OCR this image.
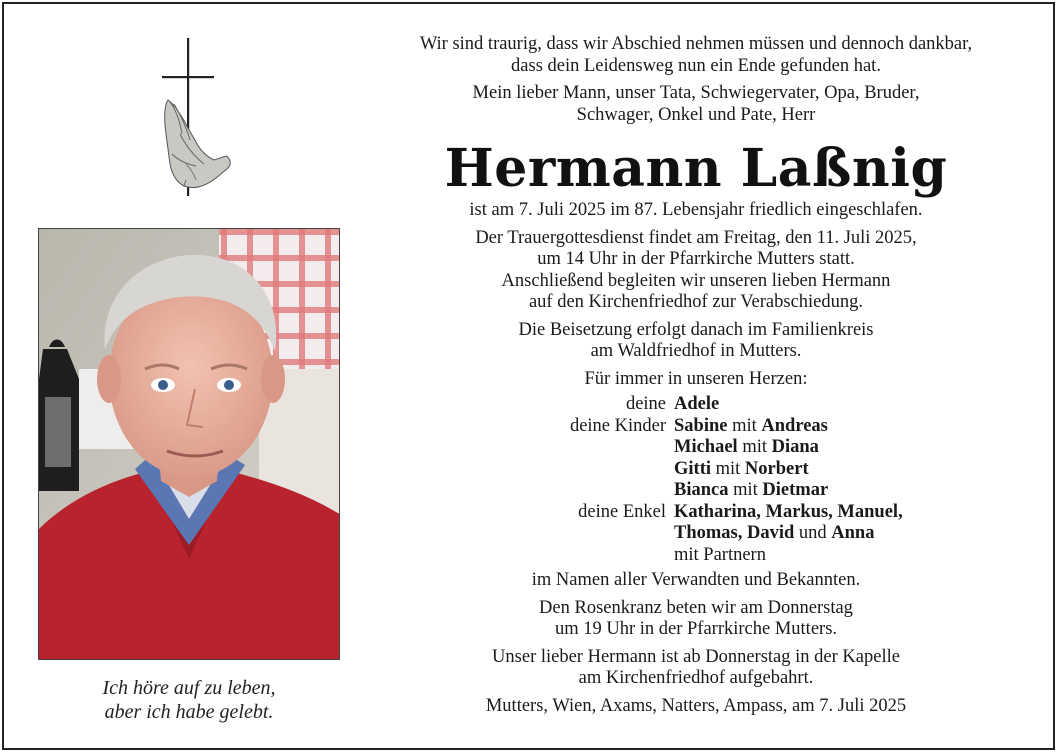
Ich höre auf zu leben,
aber ich habe gelebt.

Wir sind traurig, dass wir Abschied nehmen müssen und dennoch dankbar,

dass dein Leidensweg nun ein Ende gefunden hat.

Mein lieber Mann, unser Tata, Schwiegervater, Opa, Bruder,

Schwager, Onkel und Pate, Herr

Hermann Laßnig

ist am 7. Juli 2025 im 87. Lebensjahr friedlich eingeschlafen.

Der Trauergottesdienst findet am Freitag, den 11. Juli 2025,

um 14 Uhr in der Pfarrkirche Mutters statt.

Anschließend begleiten wir unseren lieben Hermann

auf den Kirchenfriedhof zur Verabschiedung.

Die Beisetzung erfolgt danach im Familienkreis

am Waldfriedhof in Mutters.

Für immer in unseren Herzen:

deine	Adele
deine Kinder	Sabine mit Andreas
	Michael mit Diana
	Gitti mit Norbert
	Bianca mit Dietmar
deine Enkel	Katharina, Markus, Manuel,
	Thomas, David und Anna
	mit Partnern

im Namen aller Verwandten und Bekannten.

Den Rosenkranz beten wir am Donnerstag

um 19 Uhr in der Pfarrkirche Mutters.

Unser lieber Hermann ist ab Donnerstag in der Kapelle

am Kirchenfriedhof aufgebahrt.

Mutters, Wien, Axams, Natters, Ampass, am 7. Juli 2025
